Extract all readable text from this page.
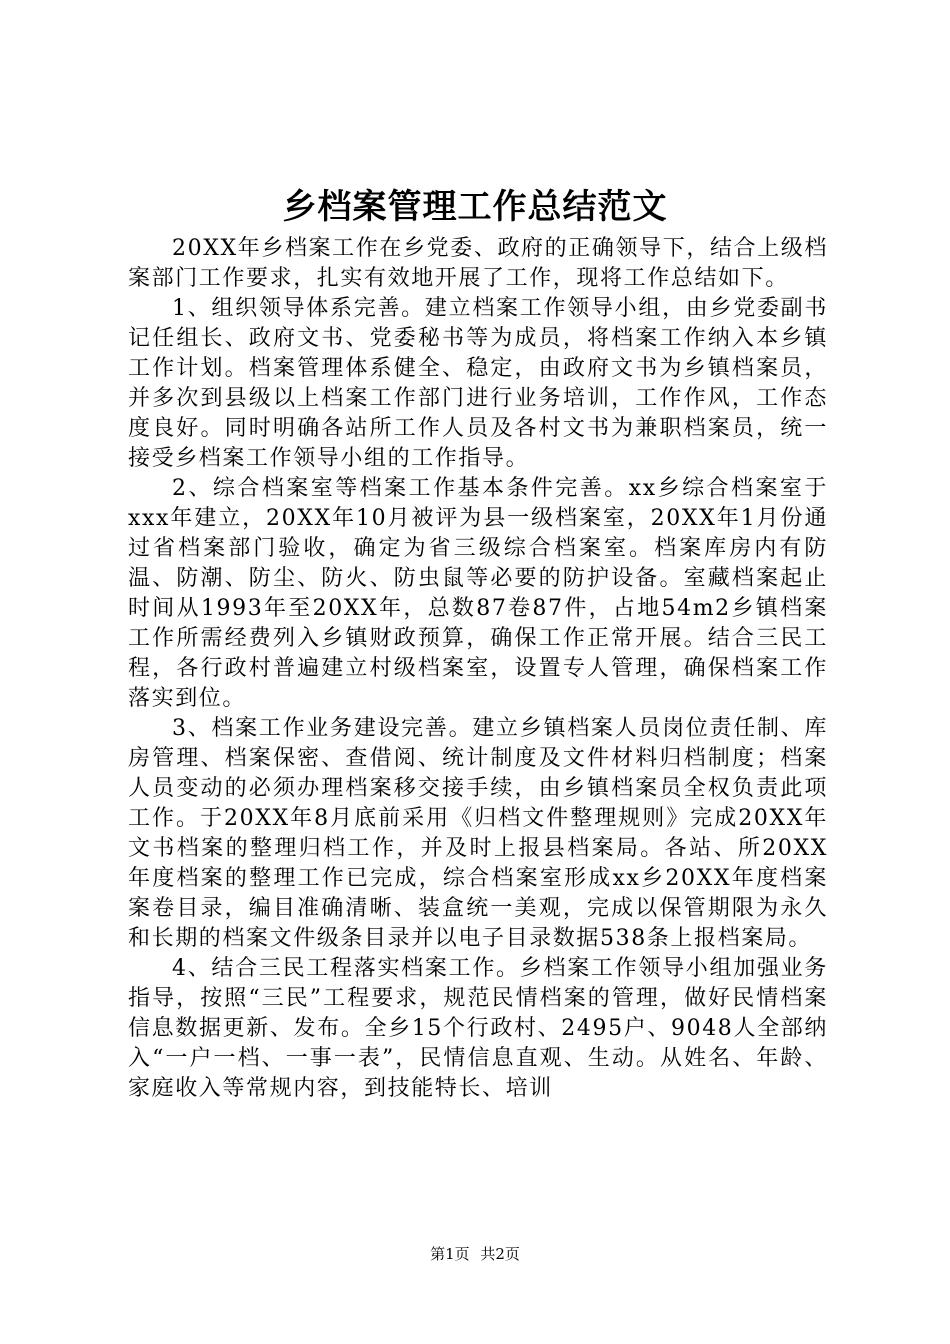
乡档案管理工作总结范文

20XX年乡档案工作在乡党委、政府的正确领导下，结合上级档案部门工作要求，扎实有效地开展了工作，现将工作总结如下。

1、组织领导体系完善。建立档案工作领导小组，由乡党委副书记任组长、政府文书、党委秘书等为成员，将档案工作纳入本乡镇工作计划。档案管理体系健全、稳定，由政府文书为乡镇档案员，并多次到县级以上档案工作部门进行业务培训，工作作风，工作态度良好。同时明确各站所工作人员及各村文书为兼职档案员，统一接受乡档案工作领导小组的工作指导。

2、综合档案室等档案工作基本条件完善。xx乡综合档案室于xxx年建立，20XX年10月被评为县一级档案室，20XX年1月份通过省档案部门验收，确定为省三级综合档案室。档案库房内有防温、防潮、防尘、防火、防虫鼠等必要的防护设备。室藏档案起止时间从1993年至20XX年，总数87卷87件，占地54m2乡镇档案工作所需经费列入乡镇财政预算，确保工作正常开展。结合三民工程，各行政村普遍建立村级档案室，设置专人管理，确保档案工作落实到位。

3、档案工作业务建设完善。建立乡镇档案人员岗位责任制、库房管理、档案保密、查借阅、统计制度及文件材料归档制度；档案人员变动的必须办理档案移交接手续，由乡镇档案员全权负责此项工作。于20XX年8月底前采用《归档文件整理规则》完成20XX年文书档案的整理归档工作，并及时上报县档案局。各站、所20XX年度档案的整理工作已完成，综合档案室形成xx乡20XX年度档案案卷目录，编目准确清晰、装盒统一美观，完成以保管期限为永久和长期的档案文件级条目录并以电子目录数据538条上报档案局。

4、结合三民工程落实档案工作。乡档案工作领导小组加强业务指导，按照“三民”工程要求，规范民情档案的管理，做好民情档案信息数据更新、发布。全乡15个行政村、2495户、9048人全部纳入“一户一档、一事一表”，民情信息直观、生动。从姓名、年龄、家庭收入等常规内容，到技能特长、培训

第1页 共2页
